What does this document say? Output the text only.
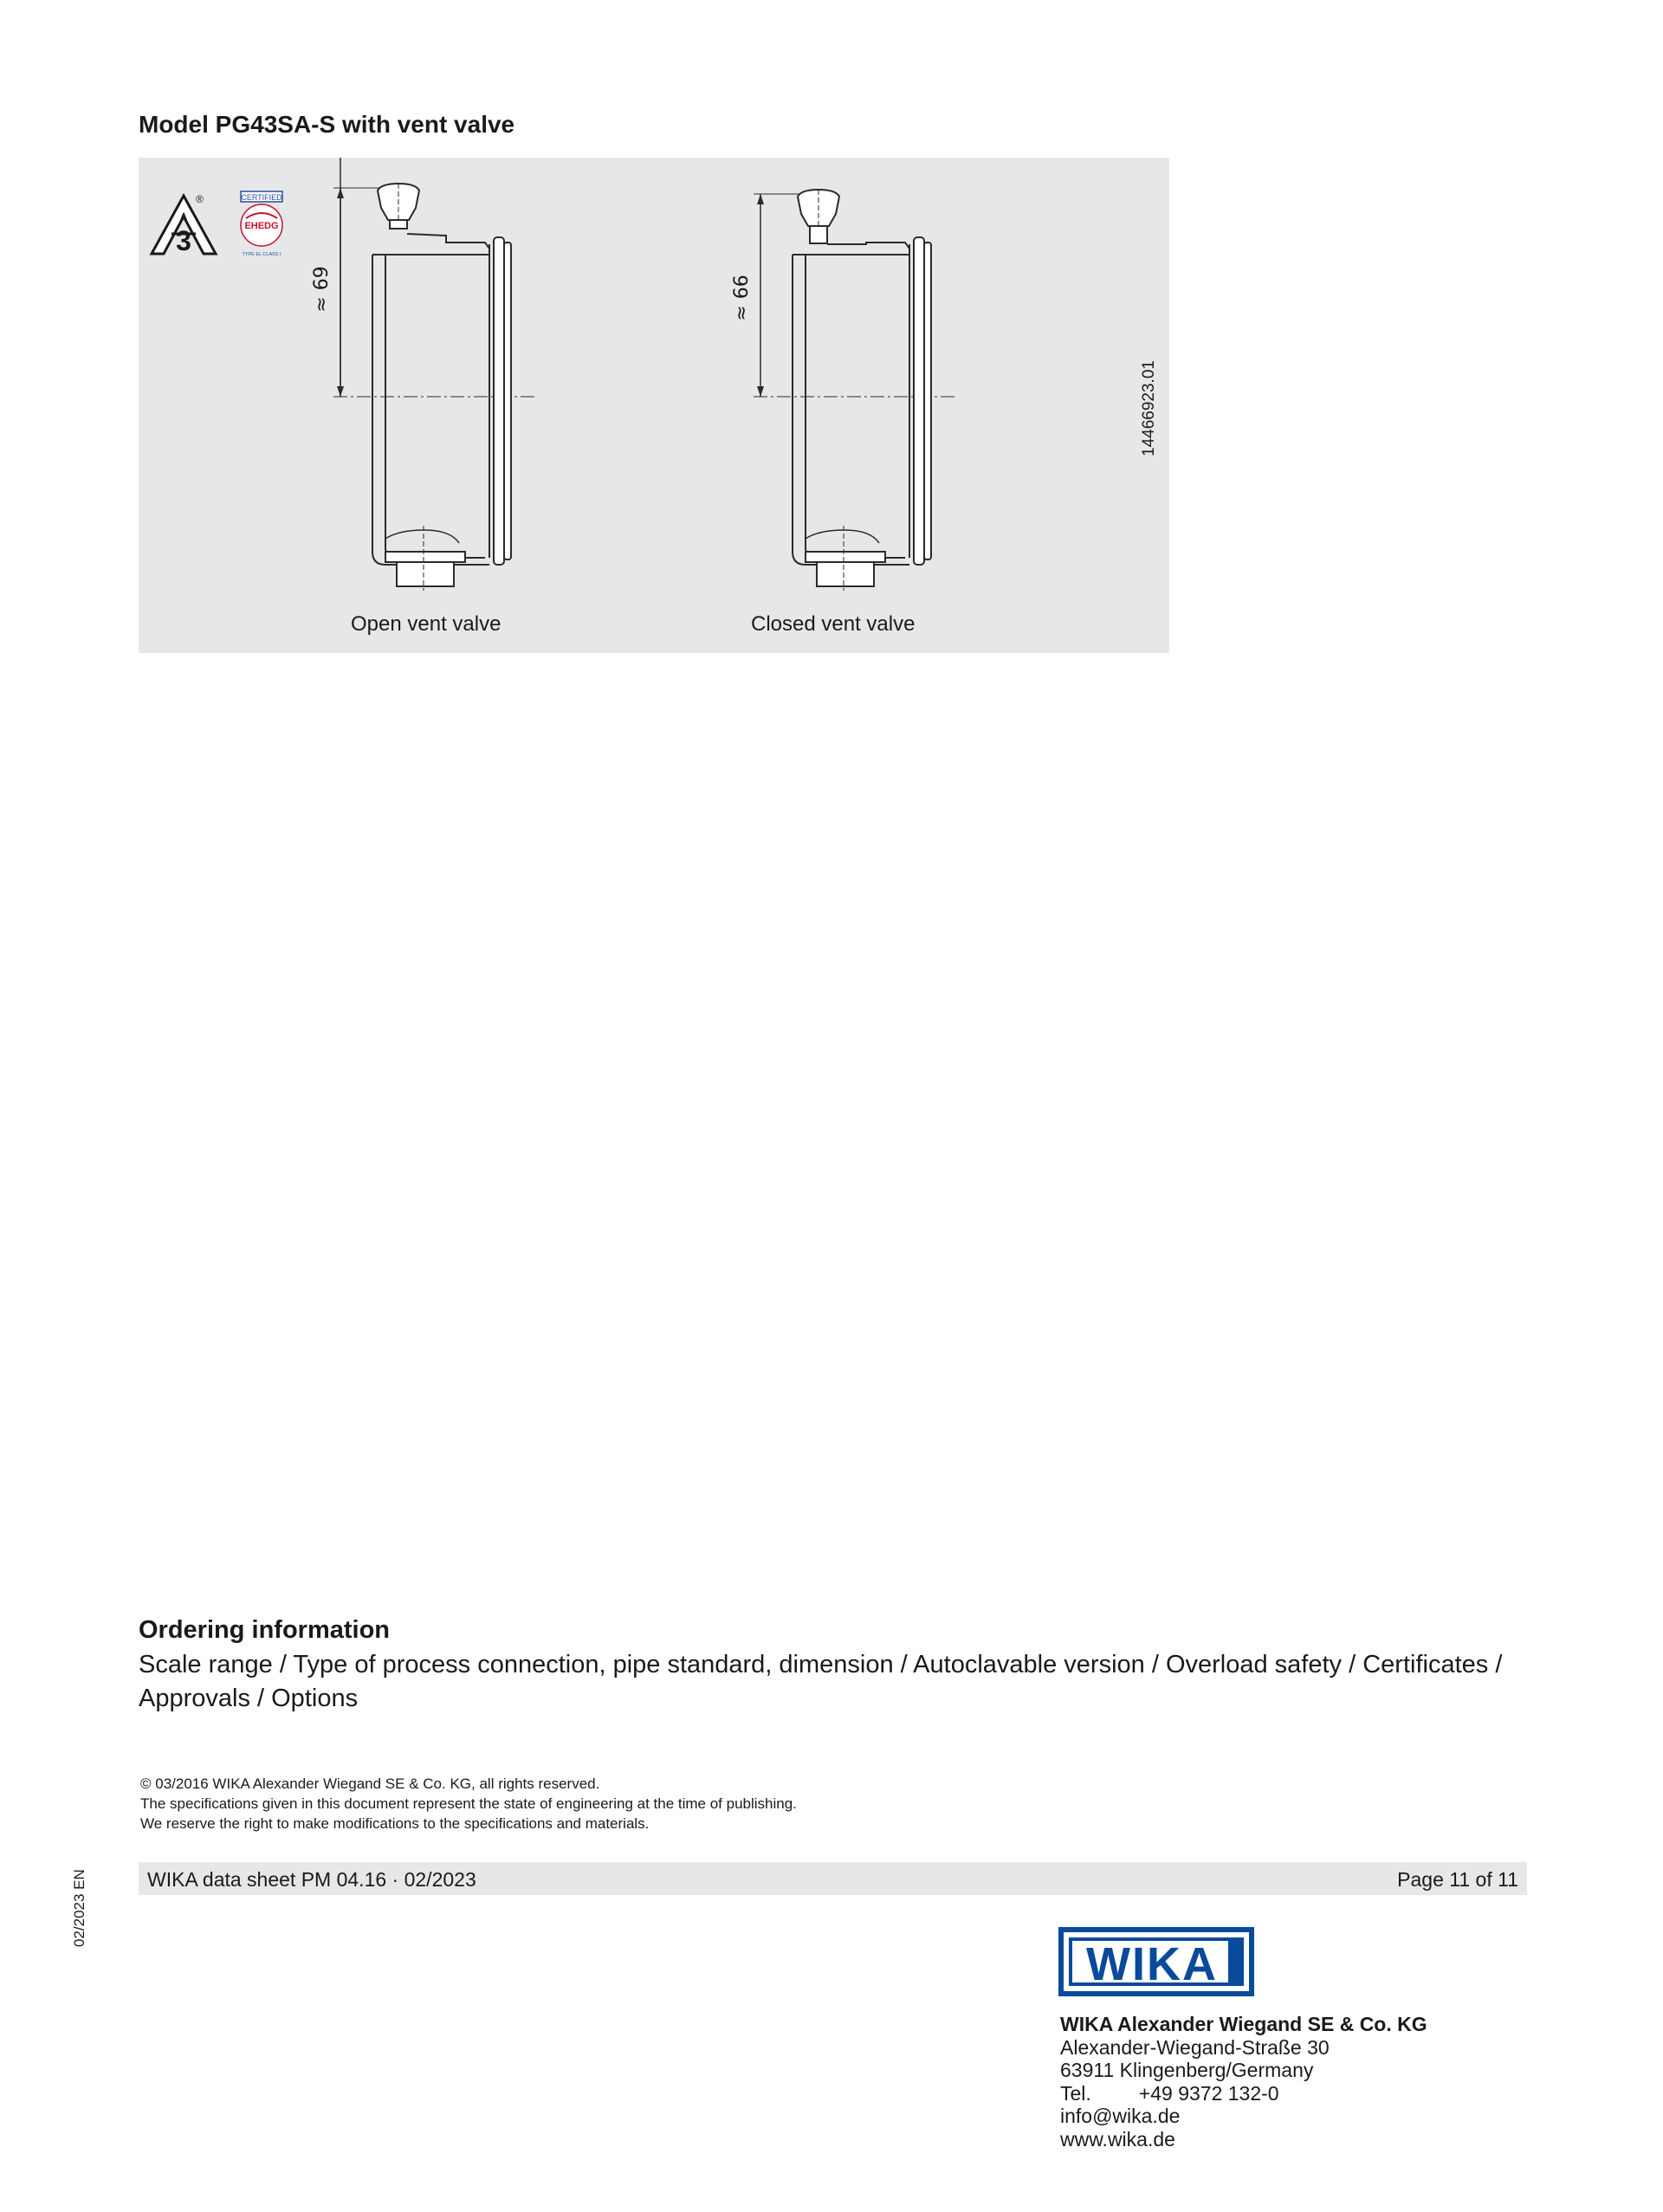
Model PG43SA-S with vent valve
3
A
®	CERTIFIED
EHEDG
TYPE EL CLASS I
≈ 69	≈ 66
14466923.01
Open vent valve	Closed vent valve
Ordering information
Scale range / Type of process connection, pipe standard, dimension / Autoclavable version / Overload safety / Certificates / Approvals / Options
© 03/2016 WIKA Alexander Wiegand SE & Co. KG, all rights reserved.
The specifications given in this document represent the state of engineering at the time of publishing.
We reserve the right to make modifications to the specifications and materials.
WIKA data sheet PM 04.16 · 02/2023	Page 11 of 11
02/2023 EN
WIKA
WIKA Alexander Wiegand SE & Co. KG
Alexander-Wiegand-Straße 30
63911 Klingenberg/Germany
Tel. +49 9372 132-0
info@wika.de
www.wika.de
